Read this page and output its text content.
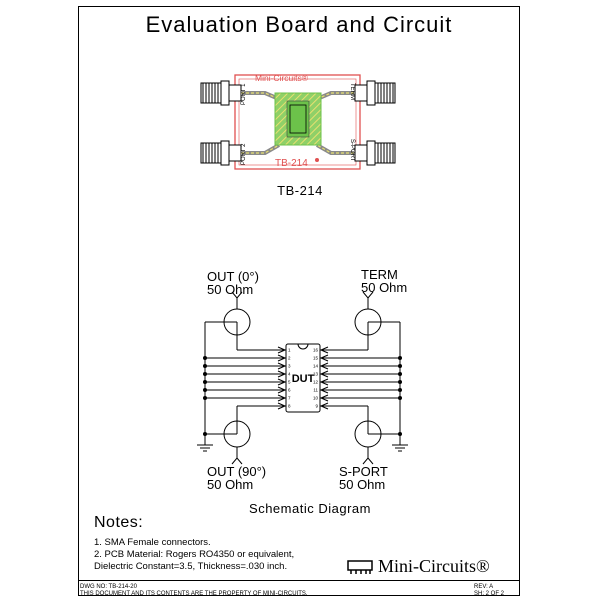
Evaluation Board and Circuit
Mini-Circuits®
TB-214
PORT 1
PORT 2
TERM
S-PORT
TB-214
1
2
3
4
5
6
7
8
16
15
14
13
12
11
10
9
DUT
OUT (0°)
50 Ohm
TERM
50 Ohm
OUT (90°)
50 Ohm
S-PORT
50 Ohm
Schematic Diagram
Notes:
1. SMA Female connectors.
2. PCB Material: Rogers RO4350 or equivalent,
Dielectric Constant=3.5, Thickness=.030 inch.	Mini-Circuits®
DWG NO: TB-214-20
THIS DOCUMENT AND ITS CONTENTS ARE THE PROPERTY OF MINI-CIRCUITS.
REV: A
SH: 2 OF 2
